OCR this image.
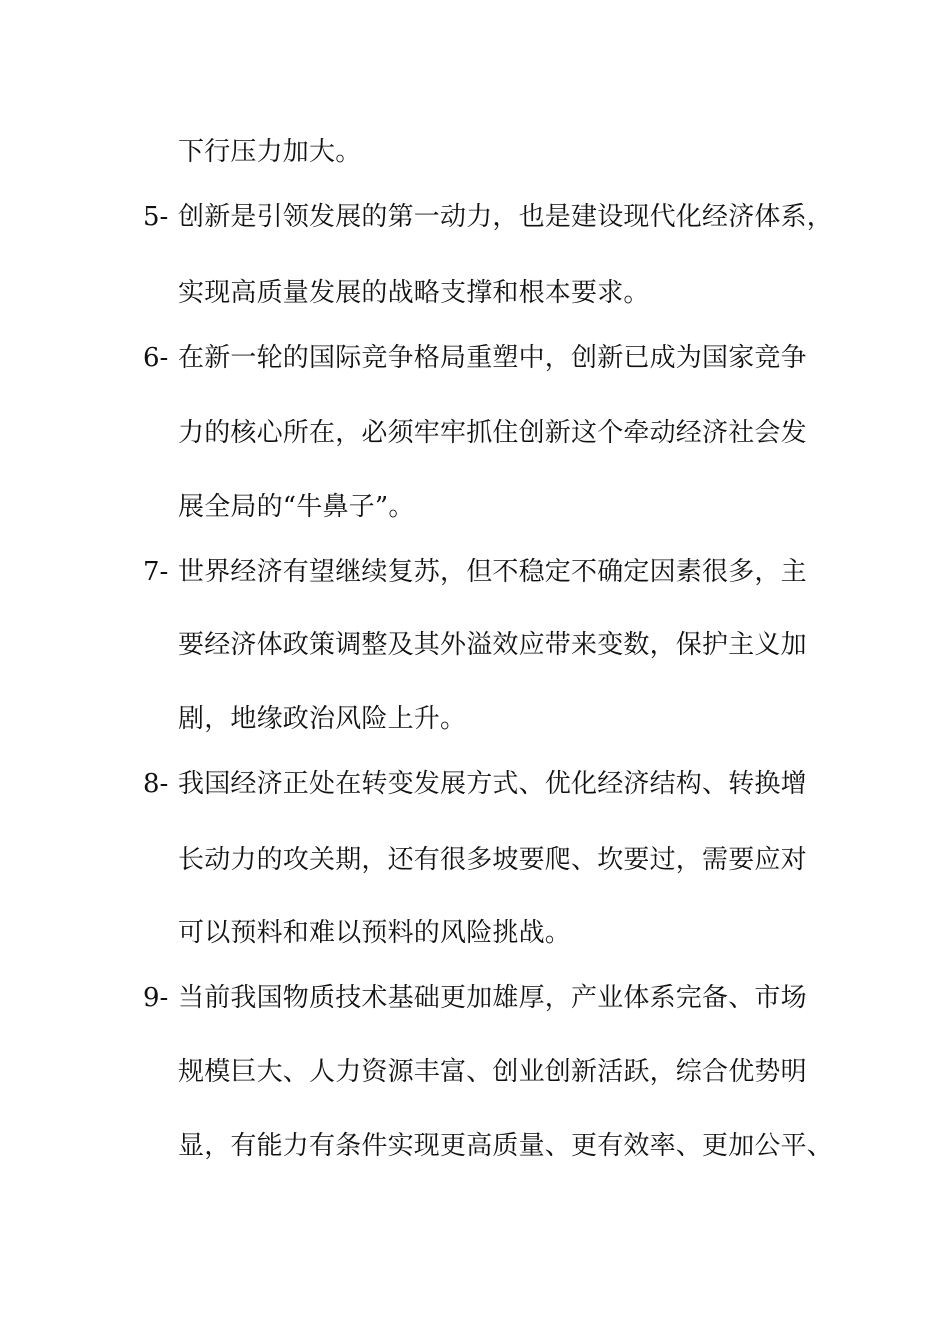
下行压力加大。
5- 创新是引领发展的第一动力，也是建设现代化经济体系，
实现高质量发展的战略支撑和根本要求。
6- 在新一轮的国际竞争格局重塑中，创新已成为国家竞争
力的核心所在，必须牢牢抓住创新这个牵动经济社会发
展全局的“牛鼻子”。
7- 世界经济有望继续复苏，但不稳定不确定因素很多，主
要经济体政策调整及其外溢效应带来变数，保护主义加
剧，地缘政治风险上升。
8- 我国经济正处在转变发展方式、优化经济结构、转换增
长动力的攻关期，还有很多坡要爬、坎要过，需要应对
可以预料和难以预料的风险挑战。
9- 当前我国物质技术基础更加雄厚，产业体系完备、市场
规模巨大、人力资源丰富、创业创新活跃，综合优势明
显，有能力有条件实现更高质量、更有效率、更加公平、
